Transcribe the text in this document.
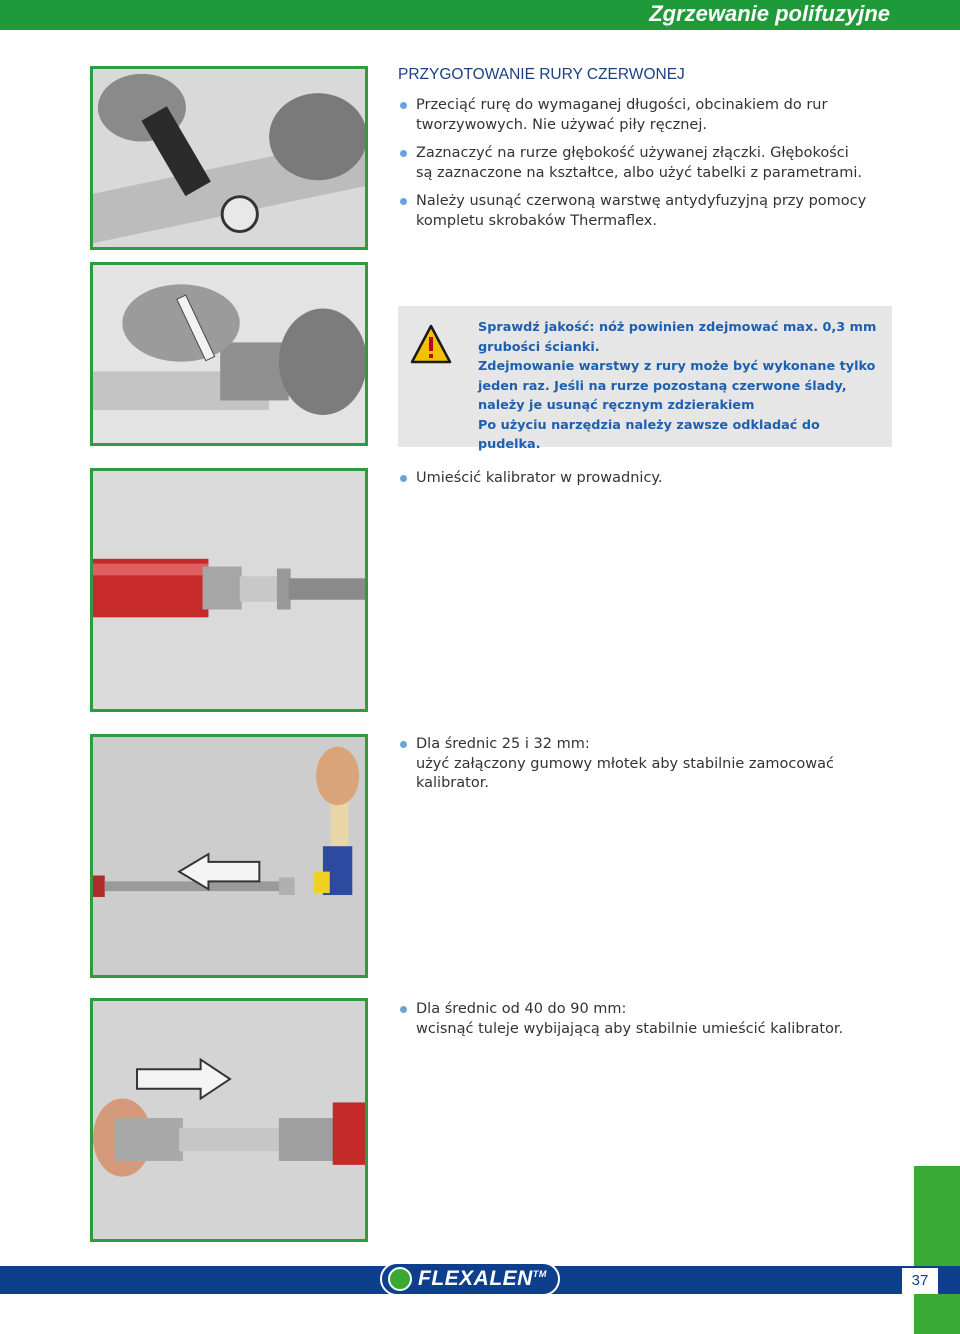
Zgrzewanie polifuzyjne
PRZYGOTOWANIE RURY CZERWONEJ
Przeciąć rurę do wymaganej długości, obcinakiem do rur tworzywowych. Nie używać piły ręcznej.
Zaznaczyć na rurze głębokość używanej złączki. Głębokości są zaznaczone na kształtce, albo użyć tabelki z parametrami.
Należy usunąć czerwoną warstwę antydyfuzyjną przy pomocy kompletu skrobaków Thermaflex.
Sprawdź jakość: nóż powinien zdejmować max. 0,3 mm grubości ścianki.
Zdejmowanie warstwy z rury może być wykonane tylko jeden raz. Jeśli na rurze pozostaną czerwone ślady, należy je usunąć ręcznym zdzierakiem
Po użyciu narzędzia należy zawsze odkladać do pudelka.
Umieścić kalibrator w prowadnicy.
Dla średnic 25 i 32 mm:
użyć załączony gumowy młotek aby stabilnie zamocować kalibrator.
Dla średnic od 40 do 90 mm:
wcisnąć tuleje wybijającą aby stabilnie umieścić kalibrator.
FLEXALEN™	37
